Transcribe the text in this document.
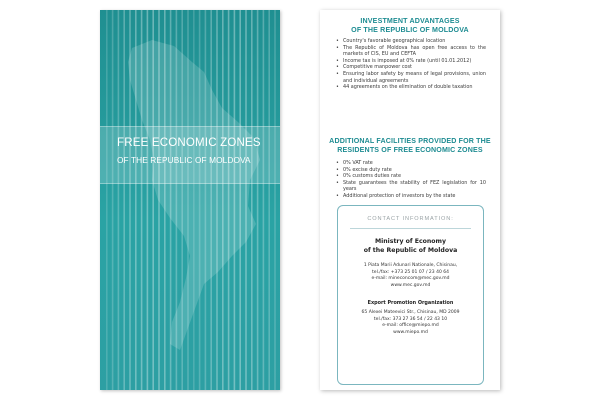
FREE ECONOMIC ZONES
OF THE REPUBLIC OF MOLDOVA
INVESTMENT ADVANTAGES
OF THE REPUBLIC OF MOLDOVA
• Country's favorable geographical location
• The Republic of Moldova has open free access to the markets of CIS, EU and CEFTA
• Income tax is imposed at 0% rate (until 01.01.2012)
• Competitive manpower cost
• Ensuring labor safety by means of legal provisions, union and individual agreements
• 44 agreements on the elimination of double taxation
ADDITIONAL FACILITIES PROVIDED FOR THE
RESIDENTS OF FREE ECONOMIC ZONES
• 0% VAT rate
• 0% excise duty rate
• 0% customs duties rate
• State guarantees the stability of FEZ legislation for 10 years
• Additional protection of investors by the state
CONTACT INFORMATION:
Ministry of Economy
of the Republic of Moldova
1 Piata Marii Adunari Nationale, Chisinau,
tel./fax: +373 25 01 07 / 23 40 64
e-mail: mineconcom@mec.gov.md
www.mec.gov.md
Export Promotion Organization
65 Alexei Mateevici Str., Chisinau, MD 2009
tel./fax: 373 27 36 54 / 22 43 10
e-mail: office@miepo.md
www.miepo.md
